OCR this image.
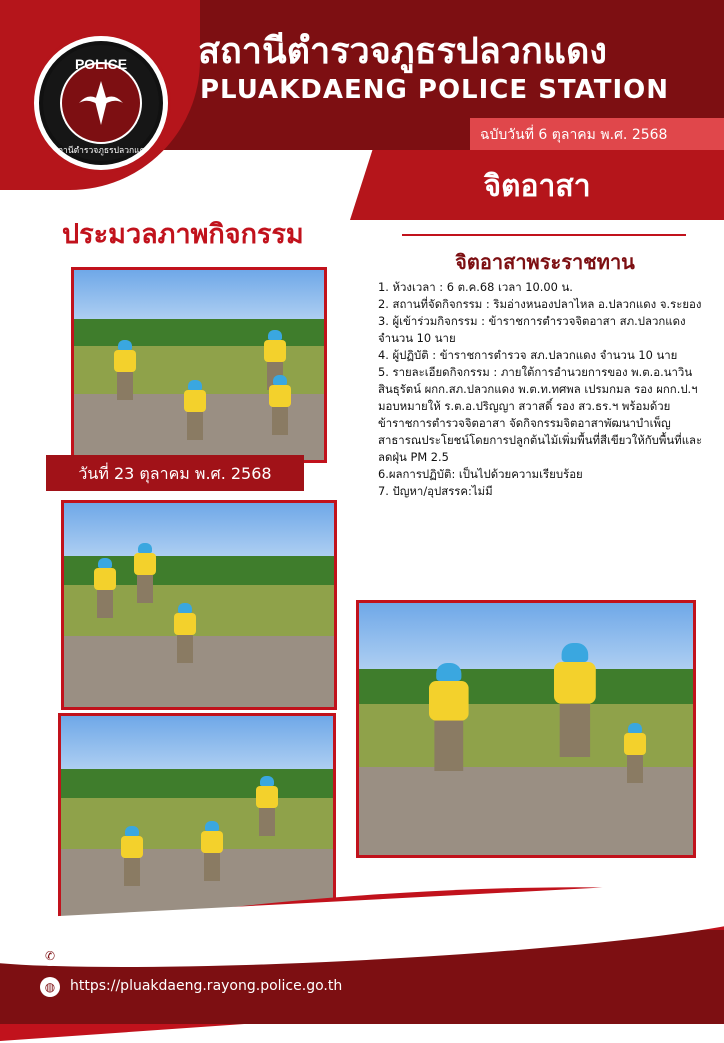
POLICE
สถานีตำรวจภูธรปลวกแดง
สถานีตำรวจภูธรปลวกแดง
PLUAKDAENG POLICE STATION
ฉบับวันที่ 6 ตุลาคม พ.ศ. 2568
จิตอาสา
ประมวลภาพกิจกรรม
จิตอาสาพระราชทาน

1. ห้วงเวลา : 6 ต.ค.68 เวลา 10.00 น.

2. สถานที่จัดกิจกรรม : ริมอ่างหนองปลาไหล อ.ปลวกแดง จ.ระยอง

3. ผู้เข้าร่วมกิจกรรม : ข้าราชการตำรวจจิตอาสา สภ.ปลวกแดง จำนวน 10 นาย

4. ผู้ปฏิบัติ : ข้าราชการตำรวจ สภ.ปลวกแดง จำนวน 10 นาย

5. รายละเอียดกิจกรรม : ภายใต้การอำนวยการของ พ.ต.อ.นาวิน สินธุรัตน์ ผกก.สภ.ปลวกแดง พ.ต.ท.ทศพล เปรมกมล รอง ผกก.ป.ฯ มอบหมายให้ ร.ต.อ.ปริญญา สวาสดิ์ รอง สว.ธร.ฯ พร้อมด้วยข้าราชการตำรวจจิตอาสา จัดกิจกรรมจิตอาสาพัฒนาบำเพ็ญสาธารณประโยชน์โดยการปลูกต้นไม้เพิ่มพื้นที่สีเขียวให้กับพื้นที่และลดฝุ่น PM 2.5

6.ผลการปฏิบัติ: เป็นไปด้วยความเรียบร้อย

7. ปัญหา/อุปสรรค:ไม่มี

วันที่ 23 ตุลาคม พ.ศ. 2568
✆	038 659 101
◍	https://pluakdaeng.rayong.police.go.th
